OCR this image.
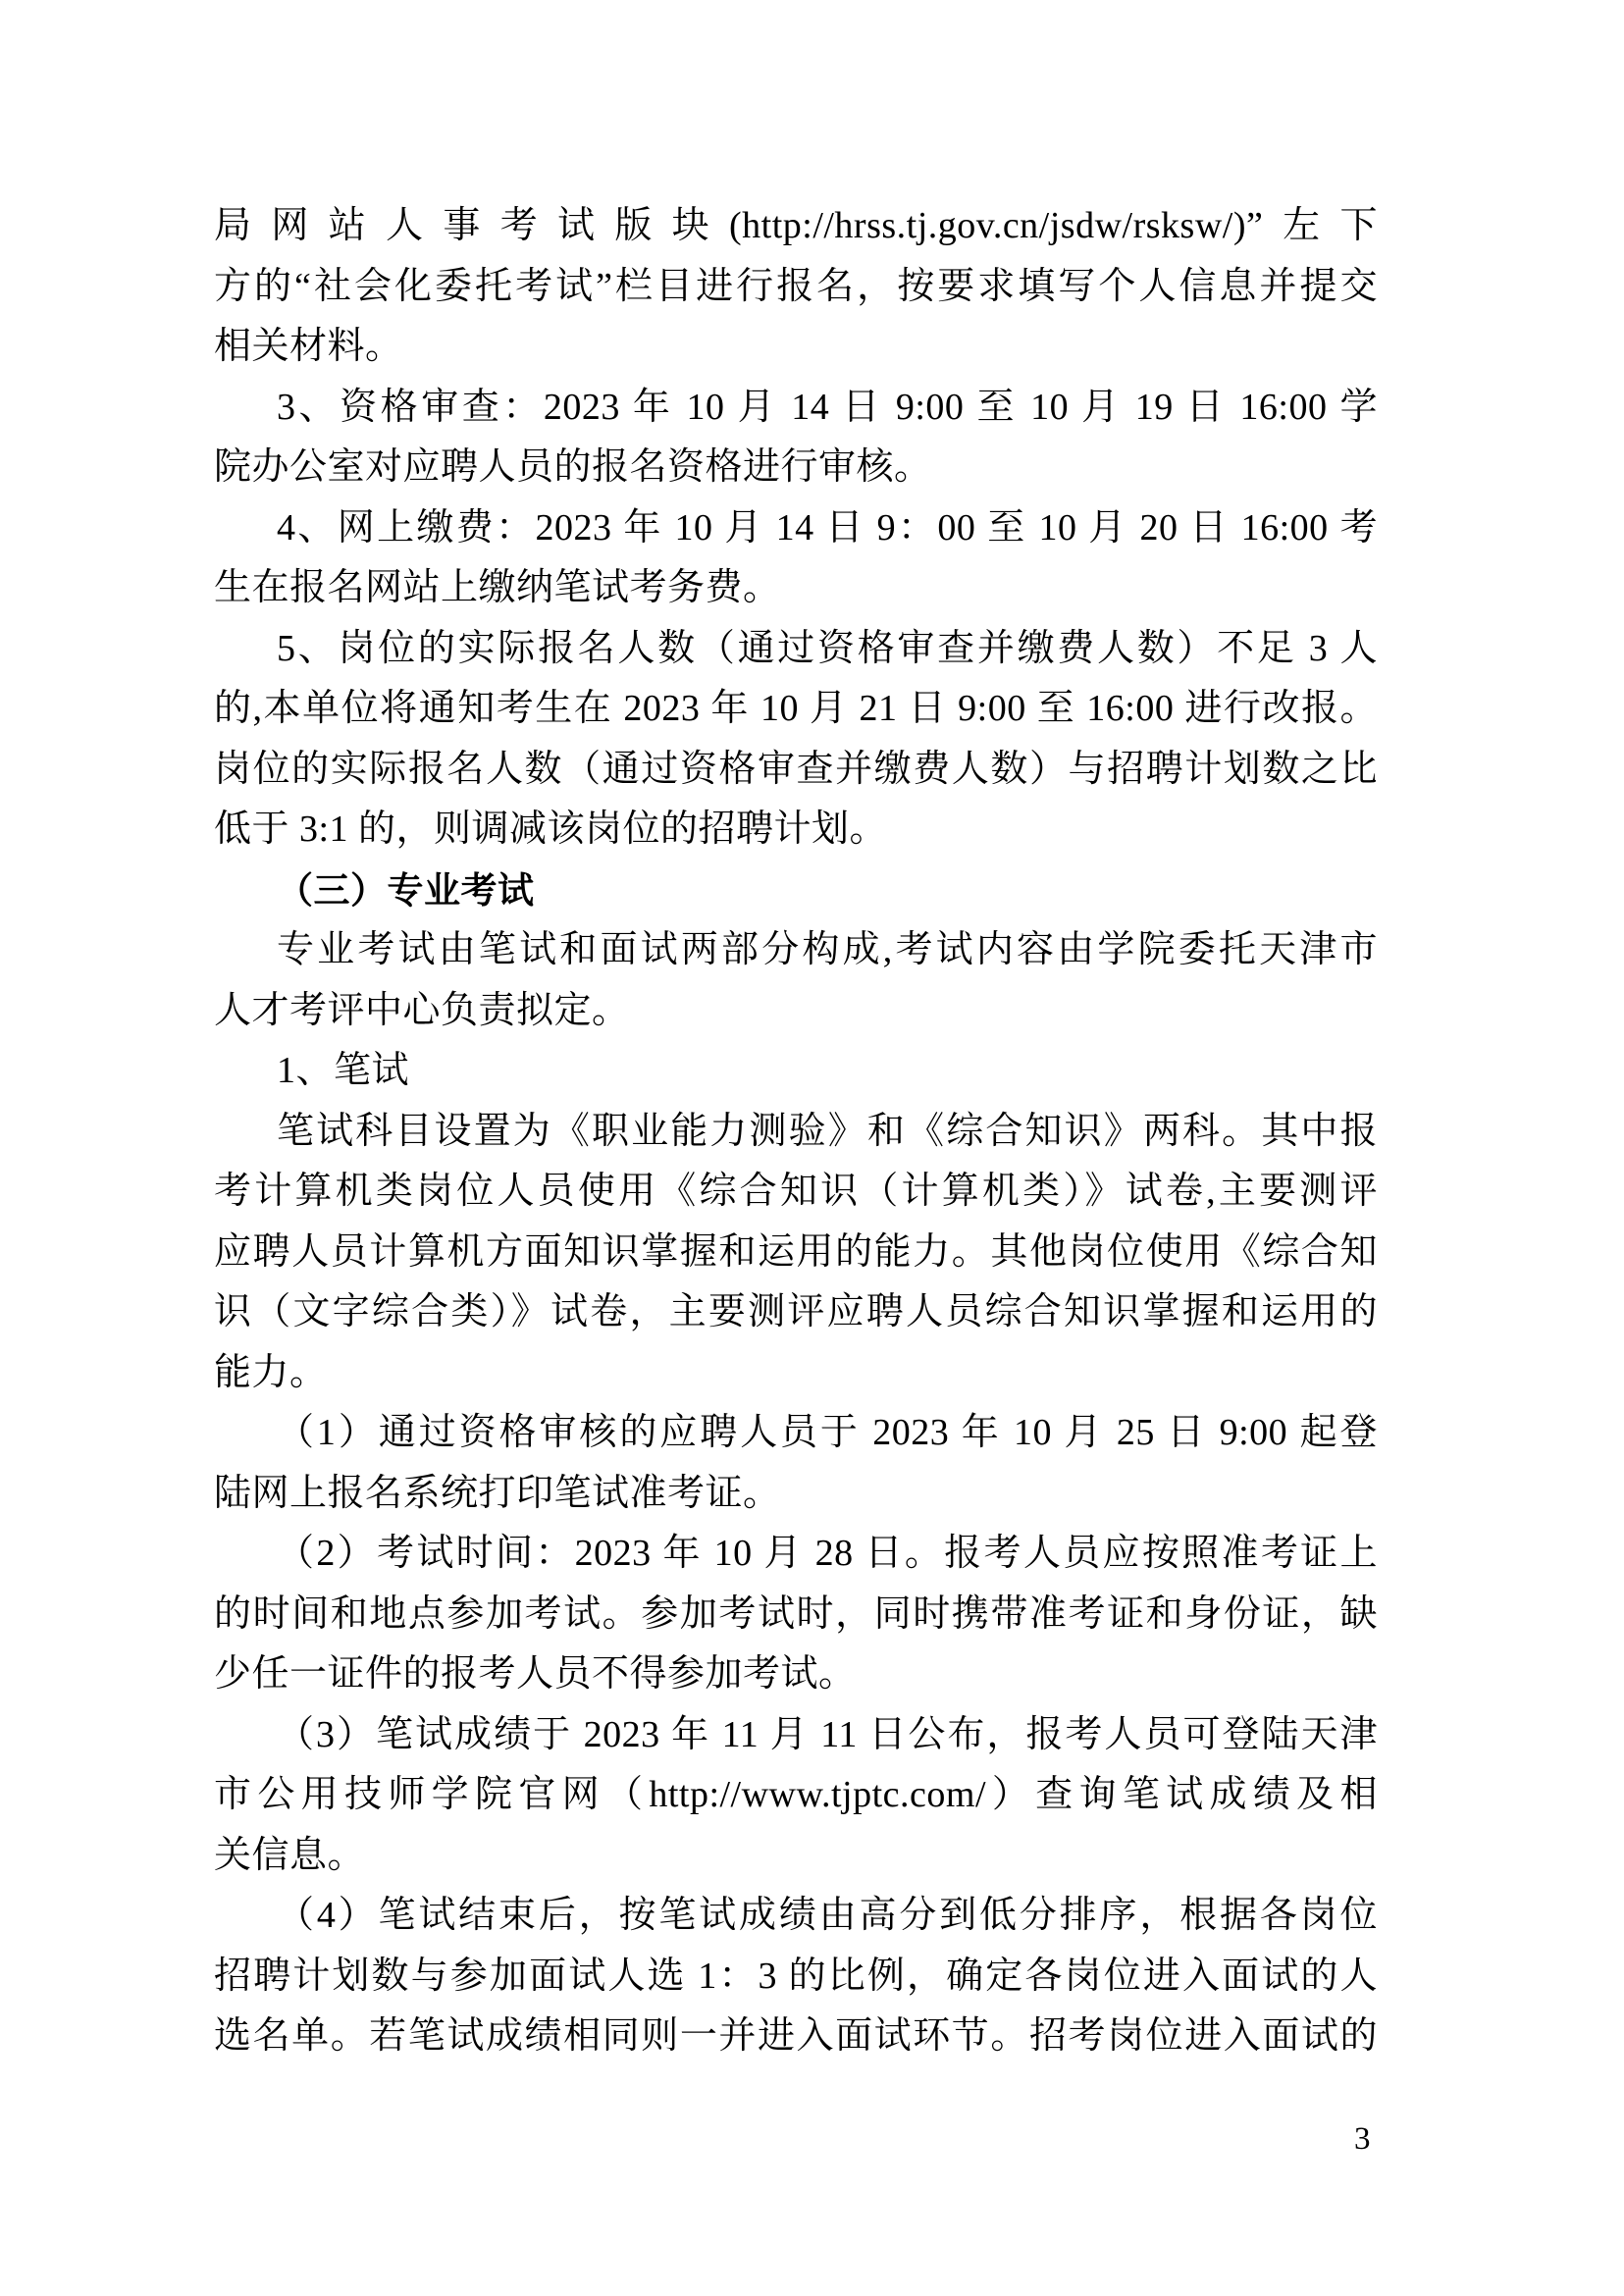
局网站人事考试版块(http://hrss.tj.gov.cn/jsdw/rsksw/)”左下
方的“社会化委托考试”栏目进行报名，按要求填写个人信息并提交
相关材料。
3、资格审查：2023 年 10 月 14 日 9:00 至 10 月 19 日 16:00 学
院办公室对应聘人员的报名资格进行审核。
4、网上缴费：2023 年 10 月 14 日 9：00 至 10 月 20 日 16:00 考
生在报名网站上缴纳笔试考务费。
5、岗位的实际报名人数（通过资格审查并缴费人数）不足 3 人
的,本单位将通知考生在 2023 年 10 月 21 日 9:00 至 16:00 进行改报。
岗位的实际报名人数（通过资格审查并缴费人数）与招聘计划数之比
低于 3:1 的，则调减该岗位的招聘计划。
（三）专业考试
专业考试由笔试和面试两部分构成,考试内容由学院委托天津市
人才考评中心负责拟定。
1、笔试
笔试科目设置为《职业能力测验》和《综合知识》两科。其中报
考计算机类岗位人员使用《综合知识（计算机类）》试卷,主要测评
应聘人员计算机方面知识掌握和运用的能力。其他岗位使用《综合知
识（文字综合类）》试卷，主要测评应聘人员综合知识掌握和运用的
能力。
（1）通过资格审核的应聘人员于 2023 年 10 月 25 日 9:00 起登
陆网上报名系统打印笔试准考证。
（2）考试时间：2023 年 10 月 28 日。报考人员应按照准考证上
的时间和地点参加考试。参加考试时，同时携带准考证和身份证，缺
少任一证件的报考人员不得参加考试。
（3）笔试成绩于 2023 年 11 月 11 日公布，报考人员可登陆天津
市公用技师学院官网（http://www.tjptc.com/）查询笔试成绩及相
关信息。
（4）笔试结束后，按笔试成绩由高分到低分排序，根据各岗位
招聘计划数与参加面试人选 1：3 的比例，确定各岗位进入面试的人
选名单。若笔试成绩相同则一并进入面试环节。招考岗位进入面试的
3
